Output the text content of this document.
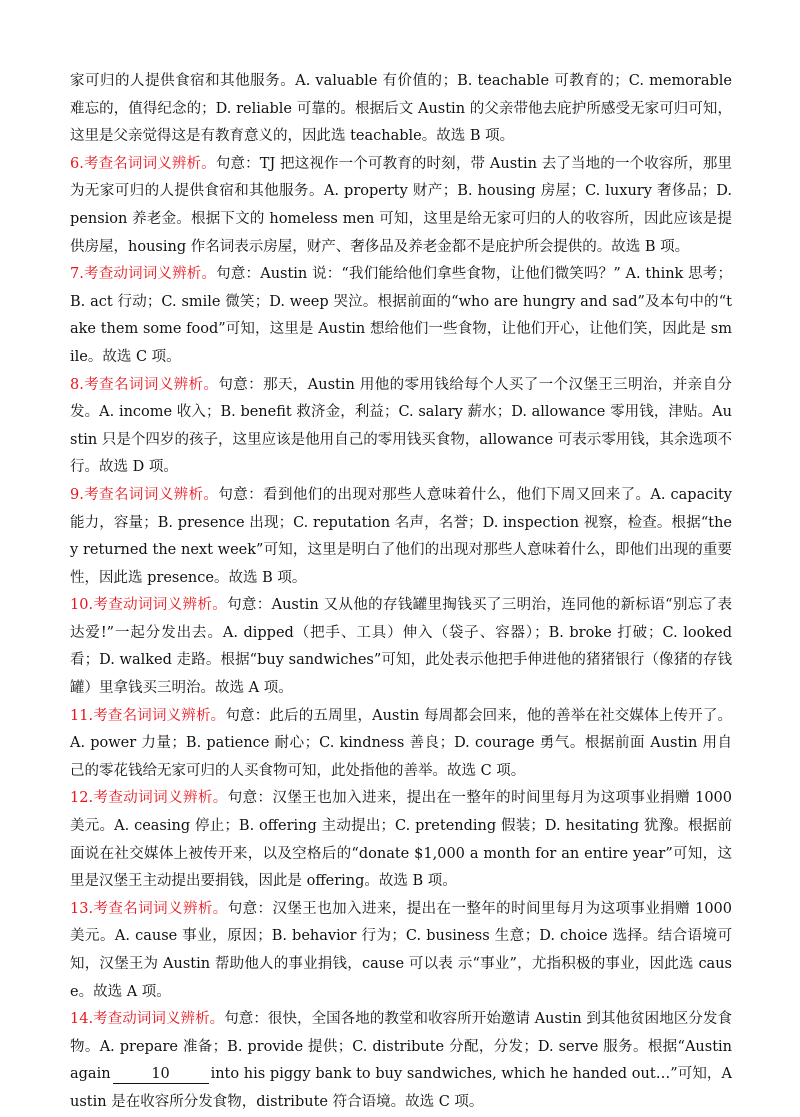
家可归的人提供食宿和其他服务。A. valuable 有价值的；B. teachable 可教育的；C. memorable 难忘的，值得纪念的；D. reliable 可靠的。根据后文 Austin 的父亲带他去庇护所感受无家可归可知，这里是父亲觉得这是有教育意义的，因此选 teachable。故选 B 项。

6.考查名词词义辨析。句意：TJ 把这视作一个可教育的时刻，带 Austin 去了当地的一个收容所，那里为无家可归的人提供食宿和其他服务。A. property 财产；B. housing 房屋；C. luxury 奢侈品；D. pension 养老金。根据下文的 homeless men 可知，这里是给无家可归的人的收容所，因此应该是提供房屋，housing 作名词表示房屋，财产、奢侈品及养老金都不是庇护所会提供的。故选 B 项。

7.考查动词词义辨析。句意：Austin 说：“我们能给他们拿些食物，让他们微笑吗？” A. think 思考；B. act 行动；C. smile 微笑；D. weep 哭泣。根据前面的“who are hungry and sad”及本句中的“take them some food”可知，这里是 Austin 想给他们一些食物，让他们开心，让他们笑，因此是 smile。故选 C 项。

8.考查名词词义辨析。句意：那天，Austin 用他的零用钱给每个人买了一个汉堡王三明治，并亲自分发。A. income 收入；B. benefit 救济金，利益；C. salary 薪水；D. allowance 零用钱，津贴。Austin 只是个四岁的孩子，这里应该是他用自己的零用钱买食物，allowance 可表示零用钱，其余选项不行。故选 D 项。

9.考查名词词义辨析。句意：看到他们的出现对那些人意味着什么，他们下周又回来了。A. capacity 能力，容量；B. presence 出现；C. reputation 名声，名誉；D. inspection 视察，检查。根据“they returned the next week”可知，这里是明白了他们的出现对那些人意味着什么，即他们出现的重要性，因此选 presence。故选 B 项。

10.考查动词词义辨析。句意：Austin 又从他的存钱罐里掏钱买了三明治，连同他的新标语“别忘了表达爱!”一起分发出去。A. dipped（把手、工具）伸入（袋子、容器）；B. broke 打破；C. looked 看；D. walked 走路。根据“buy sandwiches”可知，此处表示他把手伸进他的猪猪银行（像猪的存钱罐）里拿钱买三明治。故选 A 项。

11.考查名词词义辨析。句意：此后的五周里，Austin 每周都会回来，他的善举在社交媒体上传开了。A. power 力量；B. patience 耐心；C. kindness 善良；D. courage 勇气。根据前面 Austin 用自己的零花钱给无家可归的人买食物可知，此处指他的善举。故选 C 项。

12.考查动词词义辨析。句意：汉堡王也加入进来，提出在一整年的时间里每月为这项事业捐赠 1000 美元。A. ceasing 停止；B. offering 主动提出；C. pretending 假装；D. hesitating 犹豫。根据前面说在社交媒体上被传开来，以及空格后的“donate $1,000 a month for an entire year”可知，这里是汉堡王主动提出要捐钱，因此是 offering。故选 B 项。

13.考查名词词义辨析。句意：汉堡王也加入进来，提出在一整年的时间里每月为这项事业捐赠 1000 美元。A. cause 事业，原因；B. behavior 行为；C. business 生意；D. choice 选择。结合语境可知，汉堡王为 Austin 帮助他人的事业捐钱，cause 可以表 示“事业”，尤指积极的事业，因此选 cause。故选 A 项。

14.考查动词词义辨析。句意：很快，全国各地的教堂和收容所开始邀请 Austin 到其他贫困地区分发食物。A. prepare 准备；B. provide 提供；C. distribute 分配，分发；D. serve 服务。根据“Austin again	10	into his piggy bank to buy sandwiches, which he handed out…”可知，Austin 是在收容所分发食物，distribute 符合语境。故选 C 项。
